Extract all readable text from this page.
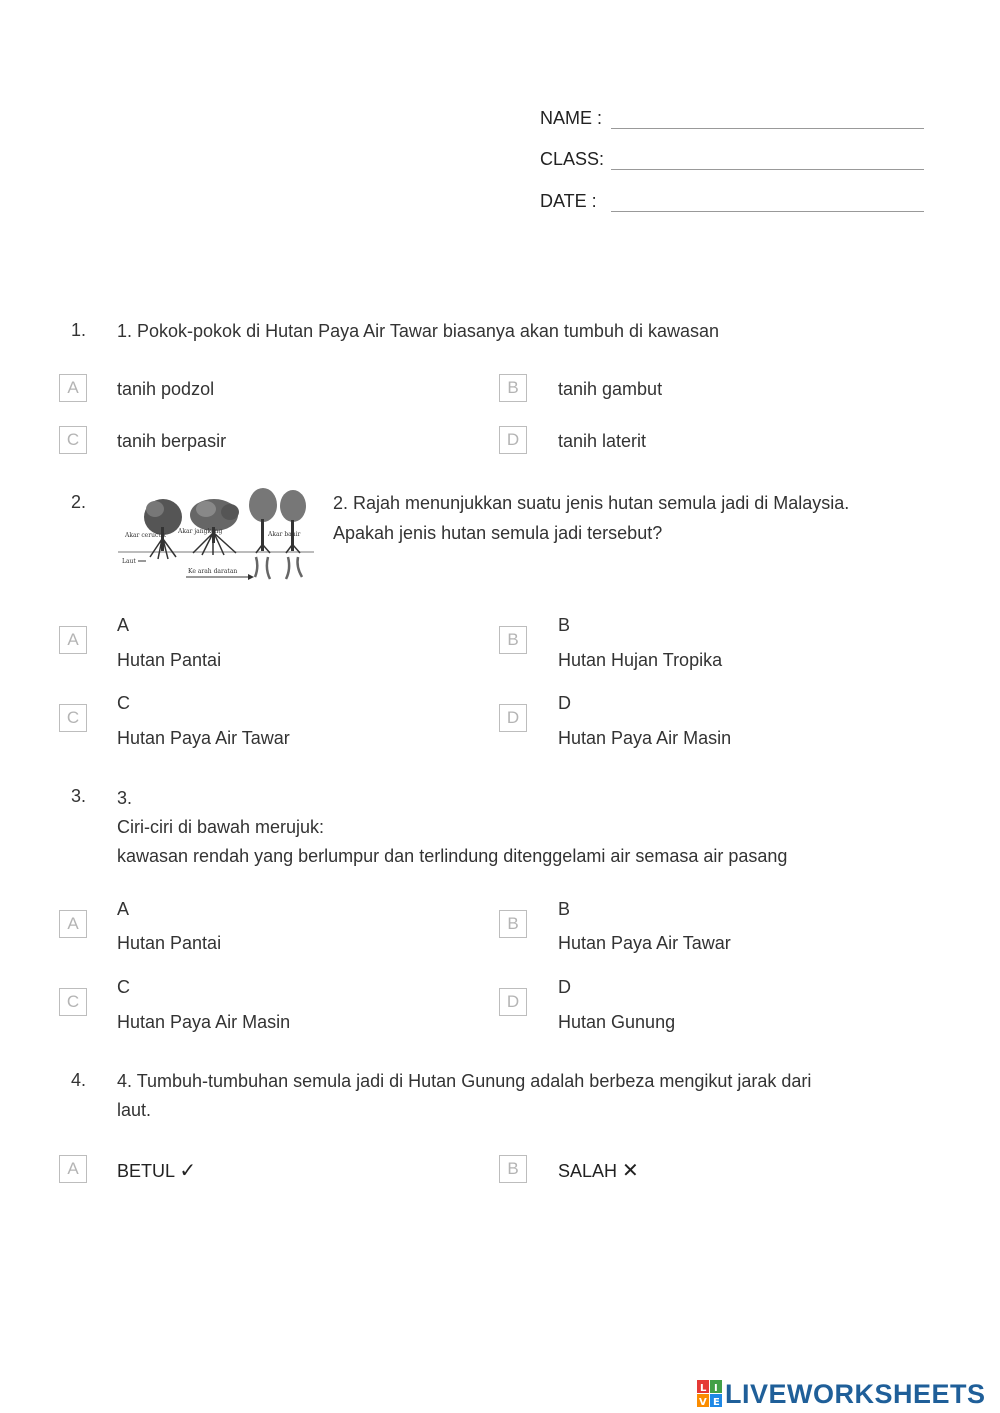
NAME :
CLASS:
DATE :
1. 1. Pokok-pokok di Hutan Paya Air Tawar biasanya akan tumbuh di kawasan
A	tanih podzol	B	tanih gambut
C	tanih berpasir	D	tanih laterit
2.
Akar cerucuk
Akar jangkang	Akar banir
Laut
Ke arah daratan
2. Rajah menunjukkan suatu jenis hutan semula jadi di Malaysia.
Apakah jenis hutan semula jadi tersebut?
A
A
Hutan Pantai
B
B
Hutan Hujan Tropika
C
C
Hutan Paya Air Tawar
D
D
Hutan Paya Air Masin
3. 3.
Ciri-ciri di bawah merujuk:
kawasan rendah yang berlumpur dan terlindung ditenggelami air semasa air pasang
A
A
Hutan Pantai
B
B
Hutan Paya Air Tawar
C
C
Hutan Paya Air Masin
D
D
Hutan Gunung
4. 4. Tumbuh-tumbuhan semula jadi di Hutan Gunung adalah berbeza mengikut jarak dari
laut.
A	BETUL ✓	B	SALAH ✕
L I
V E LIVEWORKSHEETS
